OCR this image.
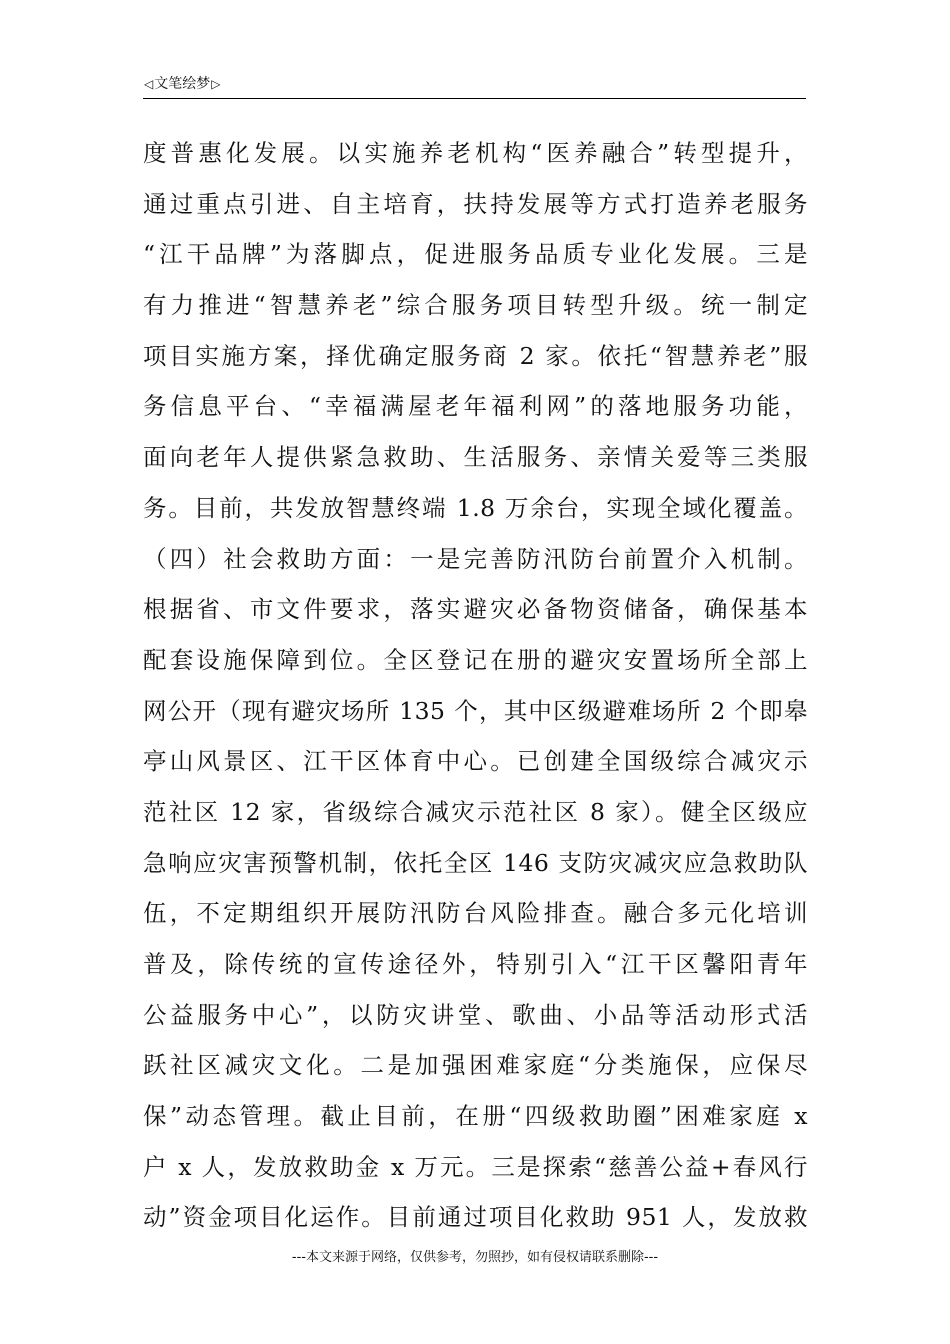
◁文笔绘梦▷
度普惠化发展。以实施养老机构“医养融合”转型提升，
通过重点引进、自主培育，扶持发展等方式打造养老服务
“江干品牌”为落脚点，促进服务品质专业化发展。三是
有力推进“智慧养老”综合服务项目转型升级。统一制定
项目实施方案，择优确定服务商 2 家。依托“智慧养老”服
务信息平台、“幸福满屋老年福利网”的落地服务功能，
面向老年人提供紧急救助、生活服务、亲情关爱等三类服
务。目前，共发放智慧终端 1.8 万余台，实现全域化覆盖。
（四）社会救助方面：一是完善防汛防台前置介入机制。
根据省、市文件要求，落实避灾必备物资储备，确保基本
配套设施保障到位。全区登记在册的避灾安置场所全部上
网公开（现有避灾场所 135 个，其中区级避难场所 2 个即皋
亭山风景区、江干区体育中心。已创建全国级综合减灾示
范社区 12 家，省级综合减灾示范社区 8 家）。健全区级应
急响应灾害预警机制，依托全区 146 支防灾减灾应急救助队
伍，不定期组织开展防汛防台风险排查。融合多元化培训
普及，除传统的宣传途径外，特别引入“江干区馨阳青年
公益服务中心”，以防灾讲堂、歌曲、小品等活动形式活
跃社区减灾文化。二是加强困难家庭“分类施保，应保尽
保”动态管理。截止目前，在册“四级救助圈”困难家庭 x
户 x 人，发放救助金 x 万元。三是探索“慈善公益+春风行
动”资金项目化运作。目前通过项目化救助 951 人，发放救
---本文来源于网络，仅供参考，勿照抄，如有侵权请联系删除---
